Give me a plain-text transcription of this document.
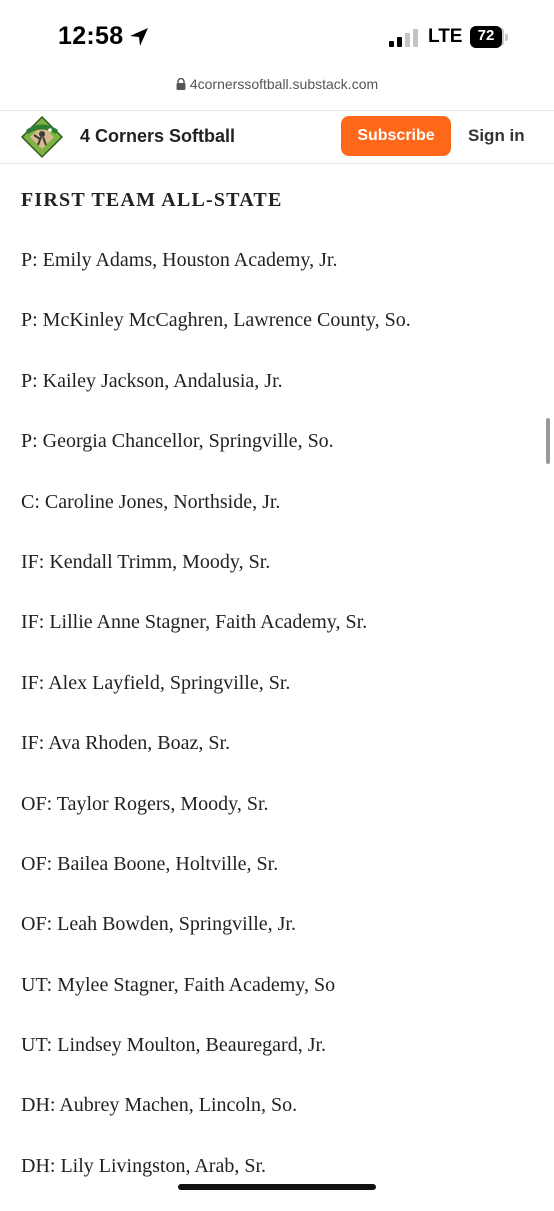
12:58	LTE	72
4cornerssoftball.substack.com
4 Corners Softball	Subscribe	Sign in
FIRST TEAM ALL-STATE
P: Emily Adams, Houston Academy, Jr.
P: McKinley McCaghren, Lawrence County, So.
P: Kailey Jackson, Andalusia, Jr.
P: Georgia Chancellor, Springville, So.
C: Caroline Jones, Northside, Jr.
IF: Kendall Trimm, Moody, Sr.
IF: Lillie Anne Stagner, Faith Academy, Sr.
IF: Alex Layfield, Springville, Sr.
IF: Ava Rhoden, Boaz, Sr.
OF: Taylor Rogers, Moody, Sr.
OF: Bailea Boone, Holtville, Sr.
OF: Leah Bowden, Springville, Jr.
UT: Mylee Stagner, Faith Academy, So
UT: Lindsey Moulton, Beauregard, Jr.
DH: Aubrey Machen, Lincoln, So.
DH: Lily Livingston, Arab, Sr.
